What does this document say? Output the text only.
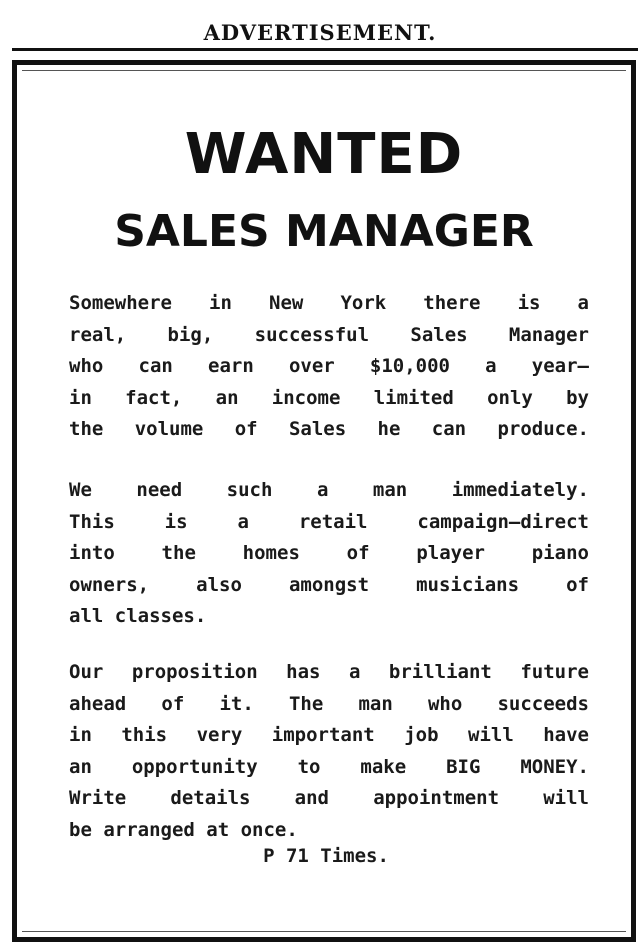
ADVERTISEMENT.
WANTED
SALES MANAGER
Somewhere in New York there is a
real, big, successful Sales Manager
who can earn over $10,000 a year—
in fact, an income limited only by
the volume of Sales he can produce.
We need such a man immediately.
This is a retail campaign—direct
into the homes of player piano
owners, also amongst musicians of
all classes.
Our proposition has a brilliant future
ahead of it. The man who succeeds
in this very important job will have
an opportunity to make BIG MONEY.
Write details and appointment will
be arranged at once.
P 71 Times.
